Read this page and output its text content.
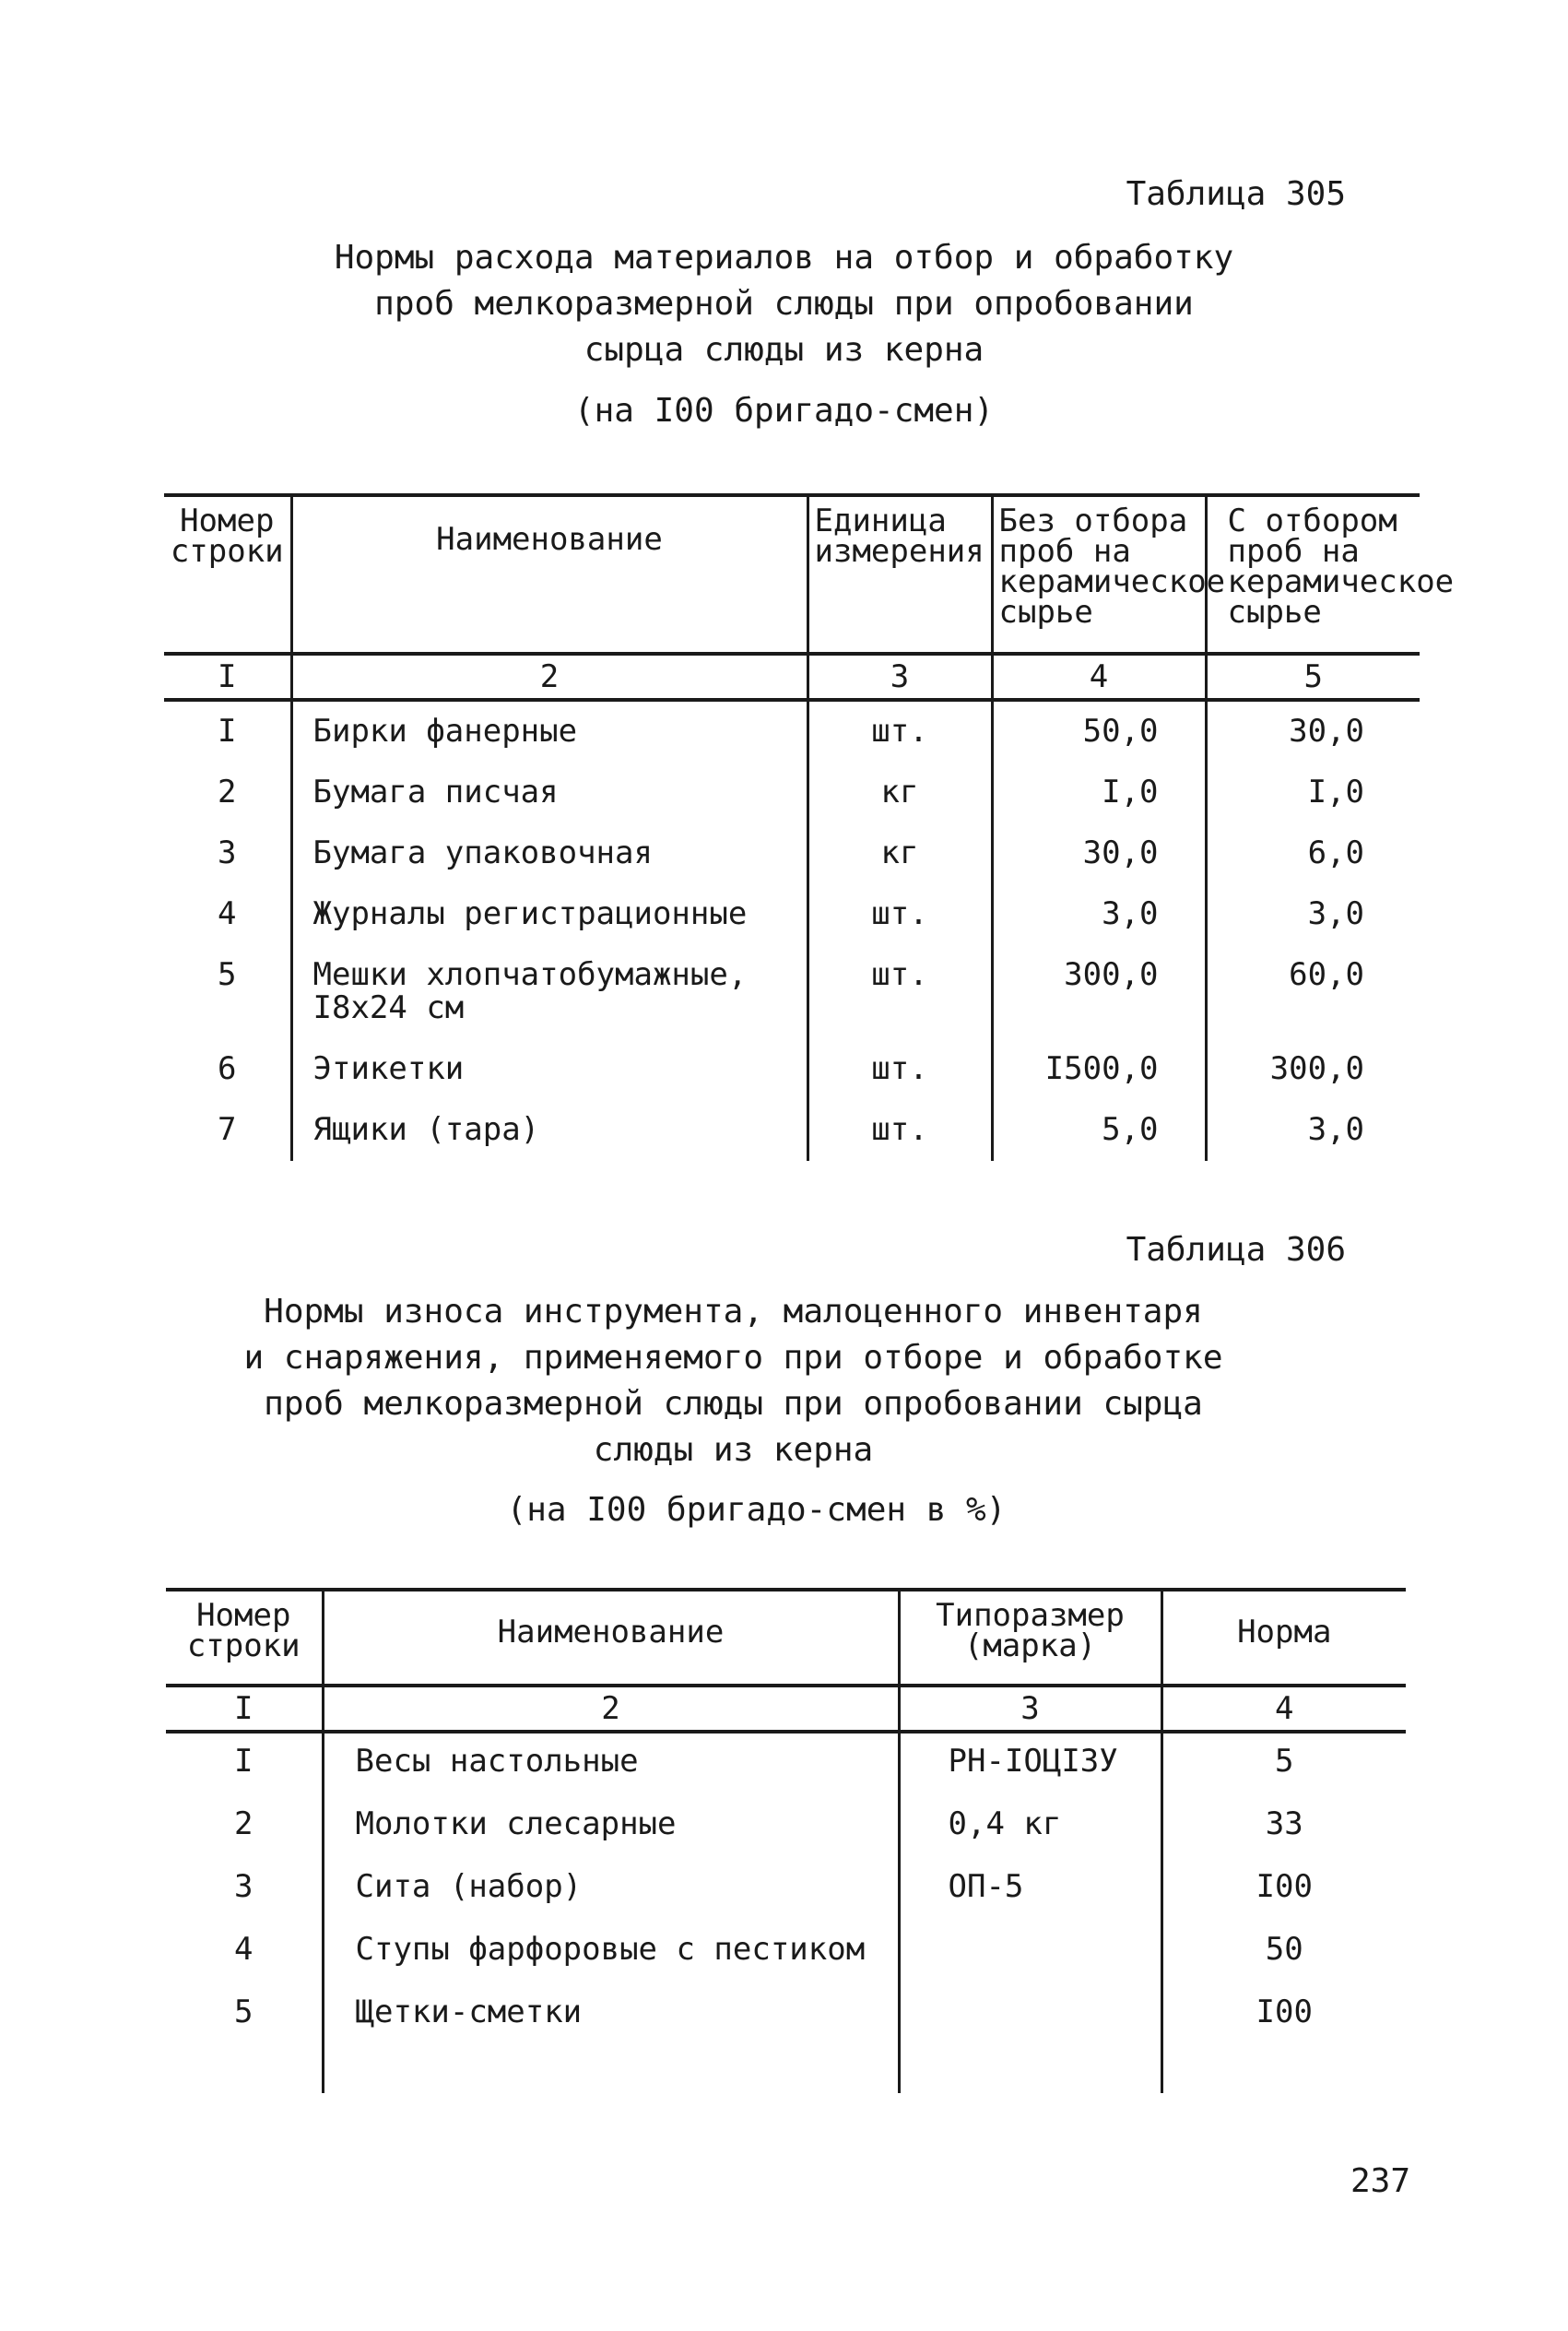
Таблица 305
Нормы расхода материалов на отбор и обработку
проб мелкоразмерной слюды при опробовании
сырца слюды из керна
(на I00 бригадо-смен)
Номер строки	Наименование	Единица измерения	Без отбора проб на керамическое сырье	С отбором проб на керамическое сырье
I	2	3	4	5
I	Бирки фанерные	шт.	50,0	30,0
2	Бумага писчая	кг	I,0	I,0
3	Бумага упаковочная	кг	30,0	6,0
4	Журналы регистрационные	шт.	3,0	3,0
5	Мешки хлопчатобумажные, I8x24 см	шт.	300,0	60,0
6	Этикетки	шт.	I500,0	300,0
7	Ящики (тара)	шт.	5,0	3,0
Таблица 306
Нормы износа инструмента, малоценного инвентаря
и снаряжения, применяемого при отборе и обработке
проб мелкоразмерной слюды при опробовании сырца
слюды из керна
(на I00 бригадо-смен в %)
Номер строки	Наименование	Типоразмер (марка)	Норма
I	2	3	4
I	Весы настольные	РН-IОЦI3У	5
2	Молотки слесарные	0,4 кг	33
3	Сита (набор)	ОП-5	I00
4	Ступы фарфоровые с пестиком		50
5	Щетки-сметки		I00

237
